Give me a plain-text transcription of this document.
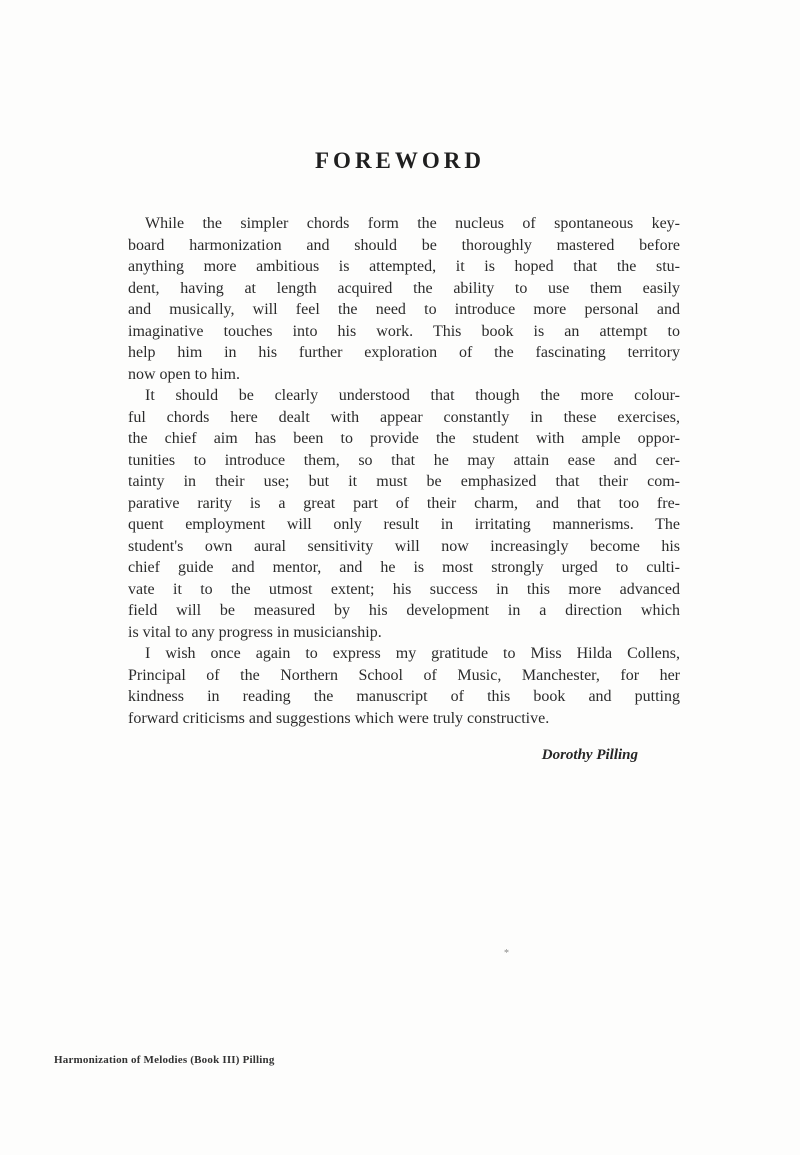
FOREWORD
While the simpler chords form the nucleus of spontaneous key-
board harmonization and should be thoroughly mastered before
anything more ambitious is attempted, it is hoped that the stu-
dent, having at length acquired the ability to use them easily
and musically, will feel the need to introduce more personal and
imaginative touches into his work. This book is an attempt to
help him in his further exploration of the fascinating territory
now open to him.
It should be clearly understood that though the more colour-
ful chords here dealt with appear constantly in these exercises,
the chief aim has been to provide the student with ample oppor-
tunities to introduce them, so that he may attain ease and cer-
tainty in their use; but it must be emphasized that their com-
parative rarity is a great part of their charm, and that too fre-
quent employment will only result in irritating mannerisms. The
student's own aural sensitivity will now increasingly become his
chief guide and mentor, and he is most strongly urged to culti-
vate it to the utmost extent; his success in this more advanced
field will be measured by his development in a direction which
is vital to any progress in musicianship.
I wish once again to express my gratitude to Miss Hilda Collens,
Principal of the Northern School of Music, Manchester, for her
kindness in reading the manuscript of this book and putting
forward criticisms and suggestions which were truly constructive.
Dorothy Pilling
*
Harmonization of Melodies (Book III) Pilling
